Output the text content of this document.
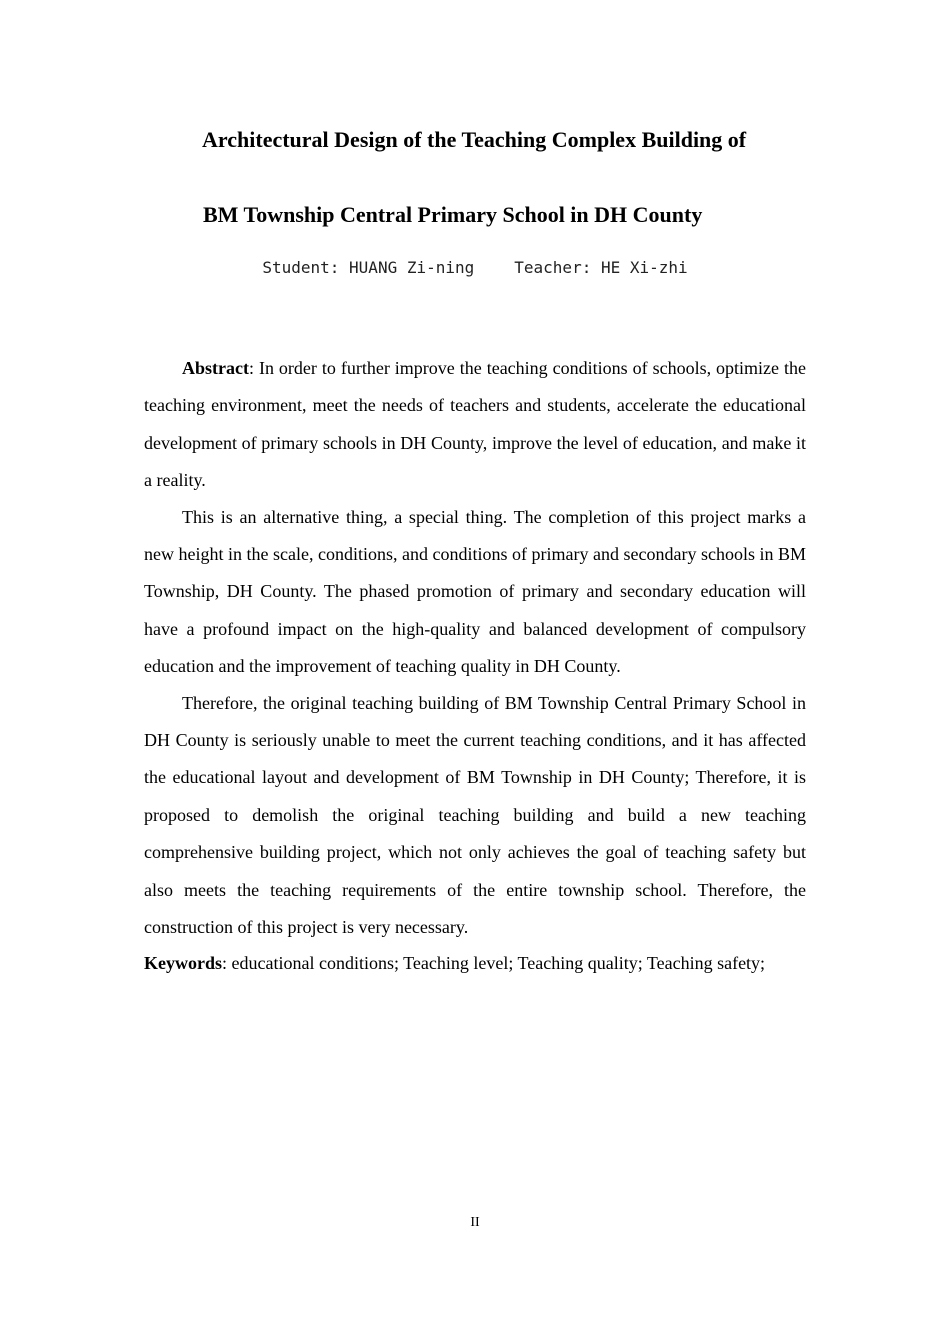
Architectural Design of the Teaching Complex Building of
BM Township Central Primary School in DH County
Student: HUANG Zi-ning	Teacher: HE Xi-zhi

Abstract: In order to further improve the teaching conditions of schools, optimize the teaching environment, meet the needs of teachers and students, accelerate the educational development of primary schools in DH County, improve the level of education, and make it a reality.

This is an alternative thing, a special thing. The completion of this project marks a new height in the scale, conditions, and conditions of primary and secondary schools in BM Township, DH County. The phased promotion of primary and secondary education will have a profound impact on the high-quality and balanced development of compulsory education and the improvement of teaching quality in DH County.

Therefore, the original teaching building of BM Township Central Primary School in DH County is seriously unable to meet the current teaching conditions, and it has affected the educational layout and development of BM Township in DH County; Therefore, it is proposed to demolish the original teaching building and build a new teaching comprehensive building project, which not only achieves the goal of teaching safety but also meets the teaching requirements of the entire township school. Therefore, the construction of this project is very necessary.

Keywords: educational conditions; Teaching level; Teaching quality; Teaching safety;

II
